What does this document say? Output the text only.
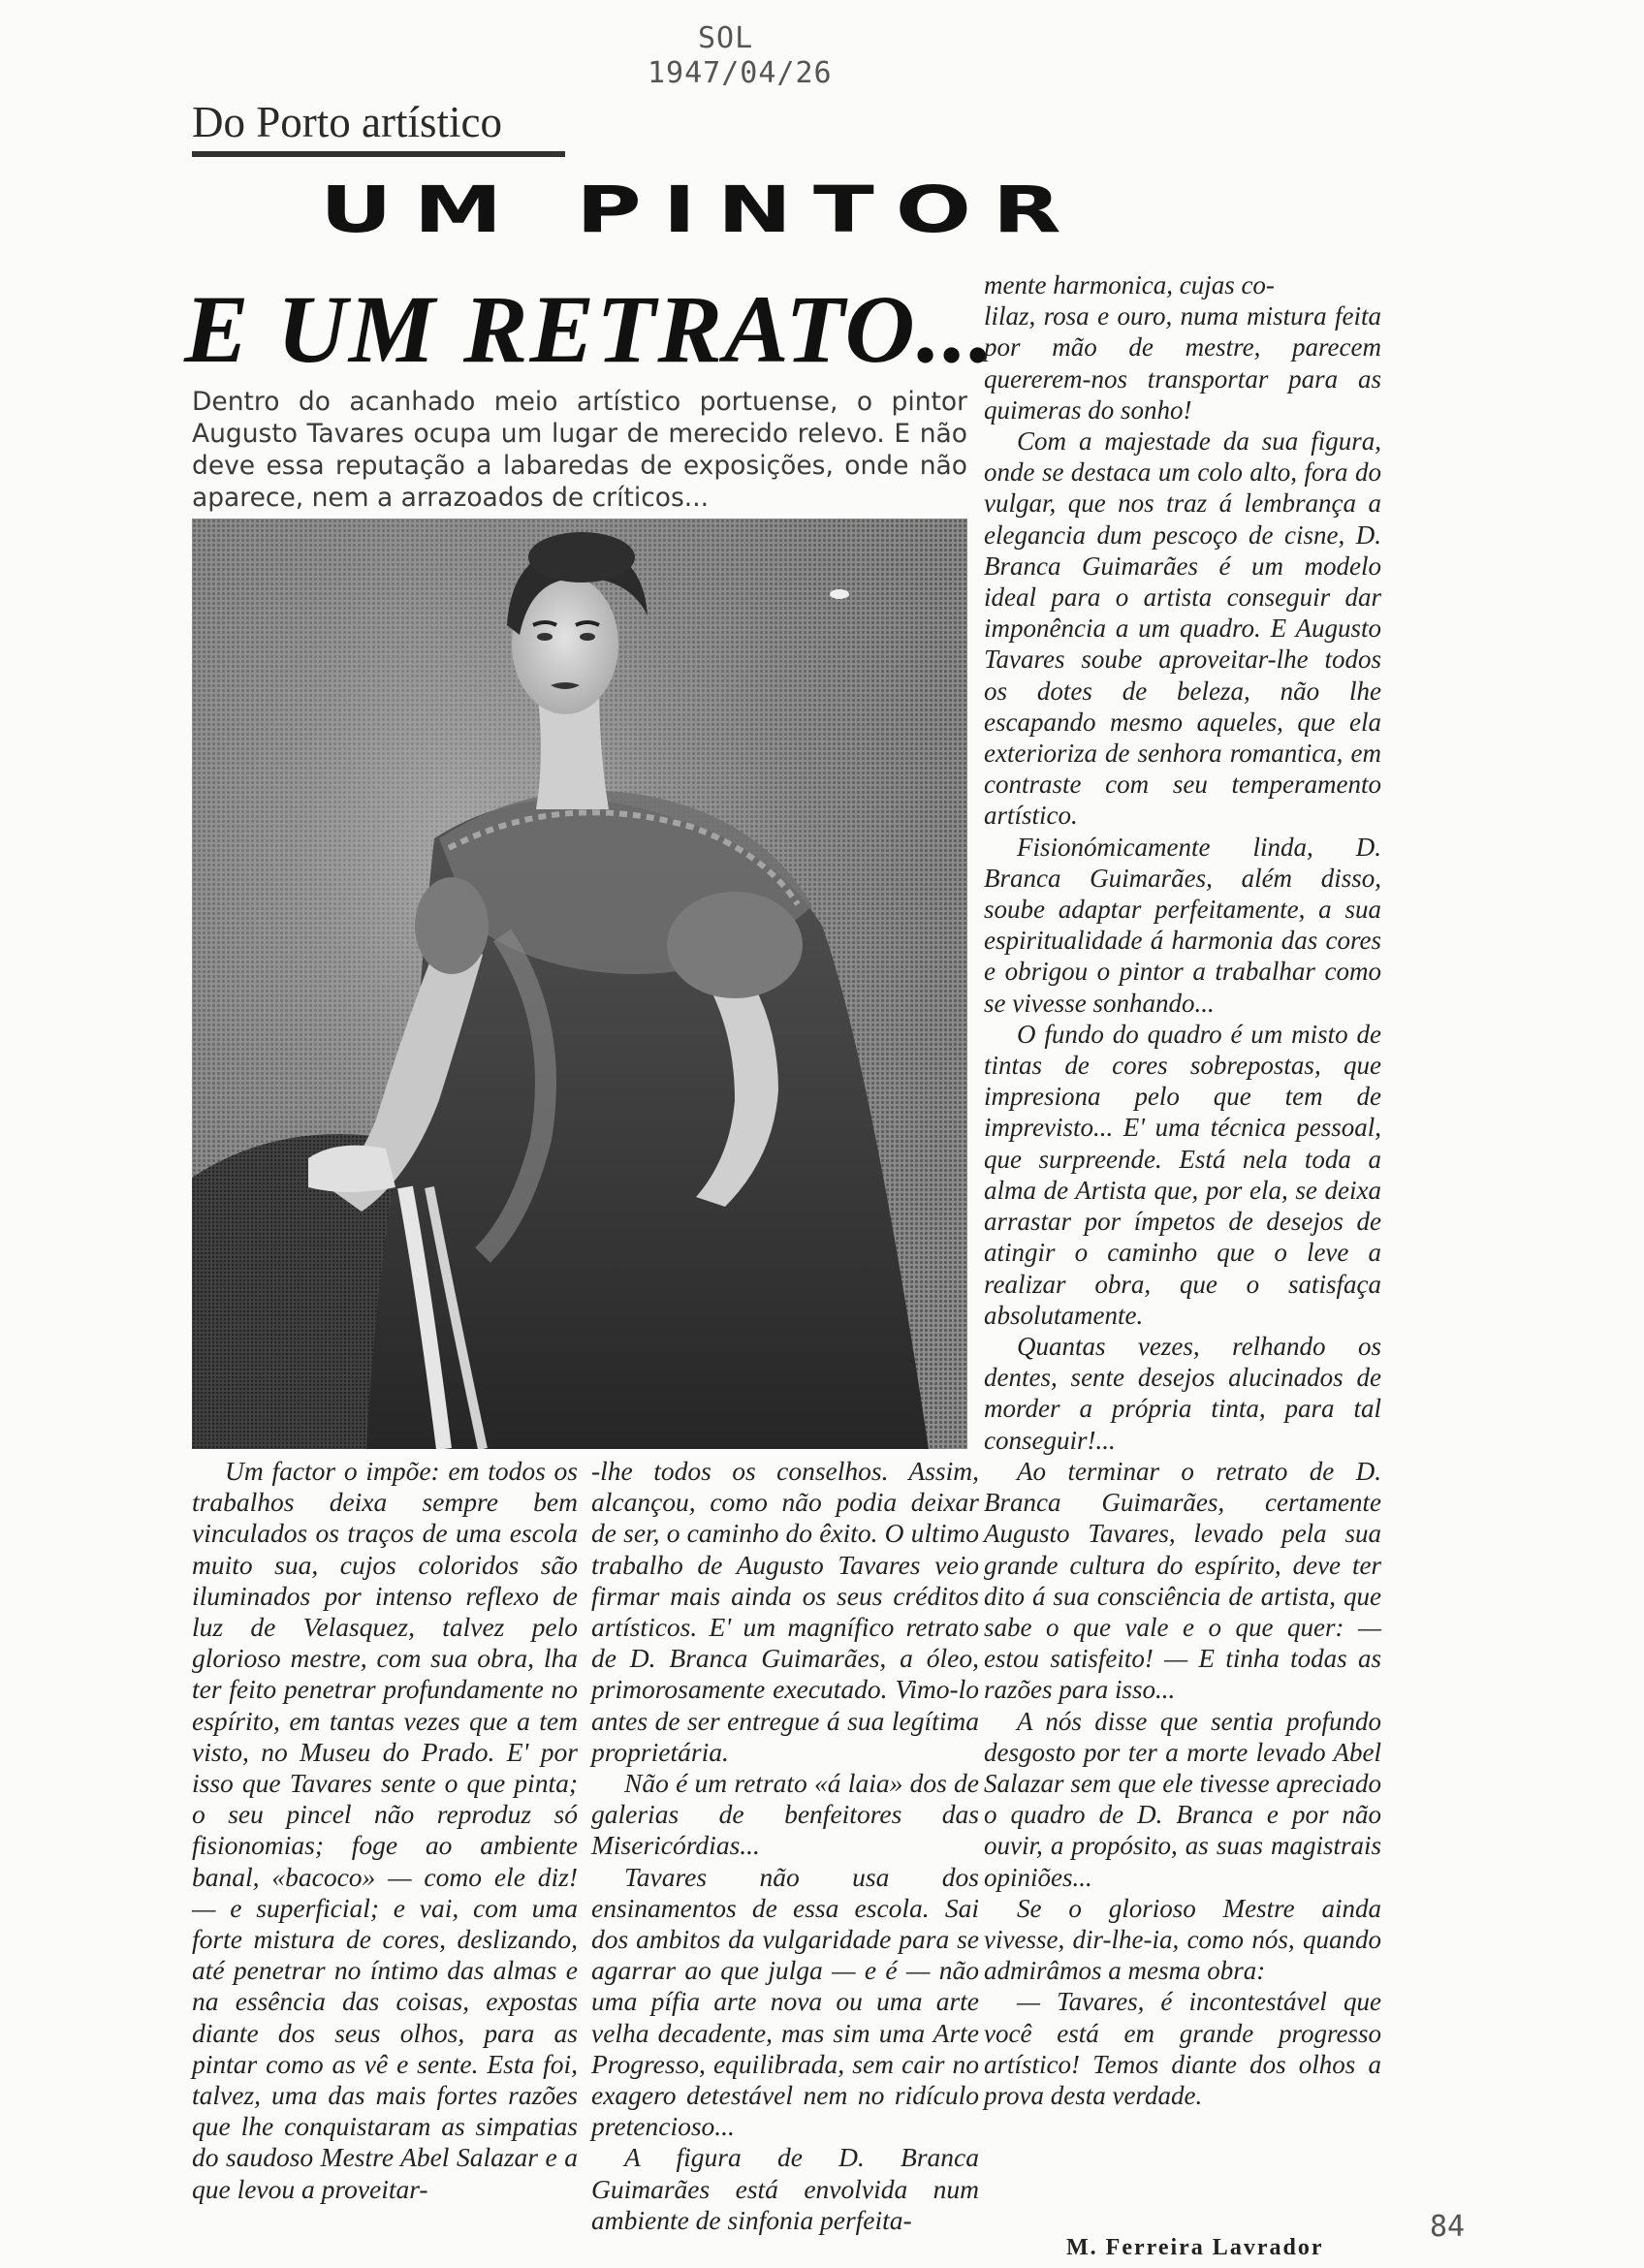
SOL
1947/04/26
Do Porto artístico
UM PINTOR
E UM RETRATO...
Dentro do acanhado meio artístico portuense, o pintor Augusto Tavares ocupa um lugar de merecido relevo. E não deve essa reputação a labaredas de exposições, onde não aparece, nem a arrazoados de críticos...

mente harmonica, cujas co-

lilaz, rosa e ouro, numa mistura feita por mão de mestre, parecem quererem-nos transportar para as quimeras do sonho!

Com a majestade da sua figura, onde se destaca um colo alto, fora do vulgar, que nos traz á lembrança a elegancia dum pescoço de cisne, D. Branca Guimarães é um modelo ideal para o artista conseguir dar imponência a um quadro. E Augusto Tavares soube aproveitar-lhe todos os dotes de beleza, não lhe escapando mesmo aqueles, que ela exterioriza de senhora romantica, em contraste com seu temperamento artístico.

Fisionómicamente linda, D. Branca Guimarães, além disso, soube adaptar perfeitamente, a sua espiritualidade á harmonia das cores e obrigou o pintor a trabalhar como se vivesse sonhando...

O fundo do quadro é um misto de tintas de cores sobrepostas, que impresiona pelo que tem de imprevisto... E' uma técnica pessoal, que surpreende. Está nela toda a alma de Artista que, por ela, se deixa arrastar por ímpetos de desejos de atingir o caminho que o leve a realizar obra, que o satisfaça absolutamente.

Quantas vezes, relhando os dentes, sente desejos alucinados de morder a própria tinta, para tal conseguir!...

Um factor o impõe: em todos os trabalhos deixa sempre bem vinculados os traços de uma escola muito sua, cujos coloridos são iluminados por intenso reflexo de luz de Velasquez, talvez pelo glorioso mestre, com sua obra, lha ter feito penetrar profundamente no espírito, em tantas vezes que a tem visto, no Museu do Prado. E' por isso que Tavares sente o que pinta; o seu pincel não reproduz só fisionomias; foge ao ambiente banal, «bacoco» — como ele diz! — e superficial; e vai, com uma forte mistura de cores, deslizando, até penetrar no íntimo das almas e na essência das coisas, expostas diante dos seus olhos, para as pintar como as vê e sente. Esta foi, talvez, uma das mais fortes razões que lhe conquistaram as simpatias do saudoso Mestre Abel Salazar e a que levou a proveitar-

-lhe todos os conselhos. Assim, alcançou, como não podia deixar de ser, o caminho do êxito. O ultimo trabalho de Augusto Tavares veio firmar mais ainda os seus créditos artísticos. E' um magnífico retrato de D. Branca Guimarães, a óleo, primorosamente executado. Vimo-lo antes de ser entregue á sua legítima proprietária.

Não é um retrato «á laia» dos de galerias de benfeitores das Misericórdias...

Tavares não usa dos ensinamentos de essa escola. Sai dos ambitos da vulgaridade para se agarrar ao que julga — e é — não uma pífia arte nova ou uma arte velha decadente, mas sim uma Arte Progresso, equilibrada, sem cair no exagero detestável nem no ridículo pretencioso...

A figura de D. Branca Guimarães está envolvida num ambiente de sinfonia perfeita-

Ao terminar o retrato de D. Branca Guimarães, certamente Augusto Tavares, levado pela sua grande cultura do espírito, deve ter dito á sua consciência de artista, que sabe o que vale e o que quer: — estou satisfeito! — E tinha todas as razões para isso...

A nós disse que sentia profundo desgosto por ter a morte levado Abel Salazar sem que ele tivesse apreciado o quadro de D. Branca e por não ouvir, a propósito, as suas magistrais opiniões...

Se o glorioso Mestre ainda vivesse, dir-lhe-ia, como nós, quando admirâmos a mesma obra:

— Tavares, é incontestável que você está em grande progresso artístico! Temos diante dos olhos a prova desta verdade.

M. Ferreira Lavrador
84
